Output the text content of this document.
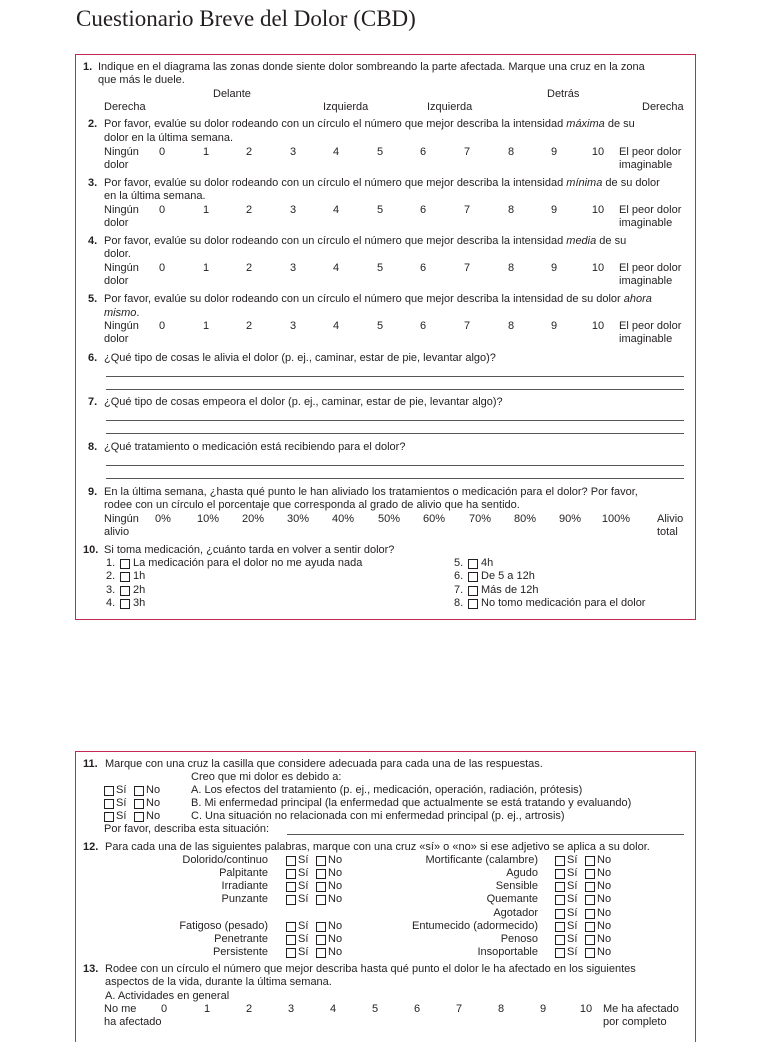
Cuestionario Breve del Dolor (CBD)
1. Indique en el diagrama las zonas donde siente dolor sombreando la parte afectada. Marque una cruz en la zona
que más le duele.
Delante	Detrás
Derecha	Izquierda	Izquierda	Derecha
2. Por favor, evalúe su dolor rodeando con un círculo el número que mejor describa la intensidad máxima de su
dolor en la última semana.
Ningún
dolor
0	1	2	3	4	5	6	7	8	9	10	El peor dolor
imaginable
3. Por favor, evalúe su dolor rodeando con un círculo el número que mejor describa la intensidad mínima de su dolor
en la última semana.
Ningún
dolor
0	1	2	3	4	5	6	7	8	9	10	El peor dolor
imaginable
4. Por favor, evalúe su dolor rodeando con un círculo el número que mejor describa la intensidad media de su
dolor.
Ningún
dolor
0	1	2	3	4	5	6	7	8	9	10	El peor dolor
imaginable
5. Por favor, evalúe su dolor rodeando con un círculo el número que mejor describa la intensidad de su dolor ahora
mismo.
Ningún
dolor
0	1	2	3	4	5	6	7	8	9	10	El peor dolor
imaginable
6. ¿Qué tipo de cosas le alivia el dolor (p. ej., caminar, estar de pie, levantar algo)?
7. ¿Qué tipo de cosas empeora el dolor (p. ej., caminar, estar de pie, levantar algo)?
8. ¿Qué tratamiento o medicación está recibiendo para el dolor?
9. En la última semana, ¿hasta qué punto le han aliviado los tratamientos o medicación para el dolor? Por favor,
rodee con un círculo el porcentaje que corresponda al grado de alivio que ha sentido.
Ningún
alivio
0%	10%	20%	30%	40%	50%	60%	70%	80%	90%	100%	Alivio
total
10. Si toma medicación, ¿cuánto tarda en volver a sentir dolor?
1. La medicación para el dolor no me ayuda nada
2. 1h
3. 2h
4. 3h
5. 4h
6. De 5 a 12h
7. Más de 12h
8. No tomo medicación para el dolor
11. Marque con una cruz la casilla que considere adecuada para cada una de las respuestas.
Creo que mi dolor es debido a:
Sí No	A. Los efectos del tratamiento (p. ej., medicación, operación, radiación, prótesis)
Sí No	B. Mi enfermedad principal (la enfermedad que actualmente se está tratando y evaluando)
Sí No	C. Una situación no relacionada con mi enfermedad principal (p. ej., artrosis)
Por favor, describa esta situación:
12. Para cada una de las siguientes palabras, marque con una cruz «sí» o «no» si ese adjetivo se aplica a su dolor.
Dolorido/continuo	Sí No
Palpitante	Sí No
Irradiante	Sí No
Punzante	Sí No
Fatigoso (pesado)	Sí No
Penetrante	Sí No
Persistente	Sí No
Mortificante (calambre)	Sí No
Agudo	Sí No
Sensible	Sí No
Quemante	Sí No
Agotador	Sí No
Entumecido (adormecido)	Sí No
Penoso	Sí No
Insoportable	Sí No
13. Rodee con un círculo el número que mejor describa hasta qué punto el dolor le ha afectado en los siguientes
aspectos de la vida, durante la última semana.
A. Actividades en general
No me
ha afectado
0	1	2	3	4	5	6	7	8	9	10 Me ha afectado
por completo
